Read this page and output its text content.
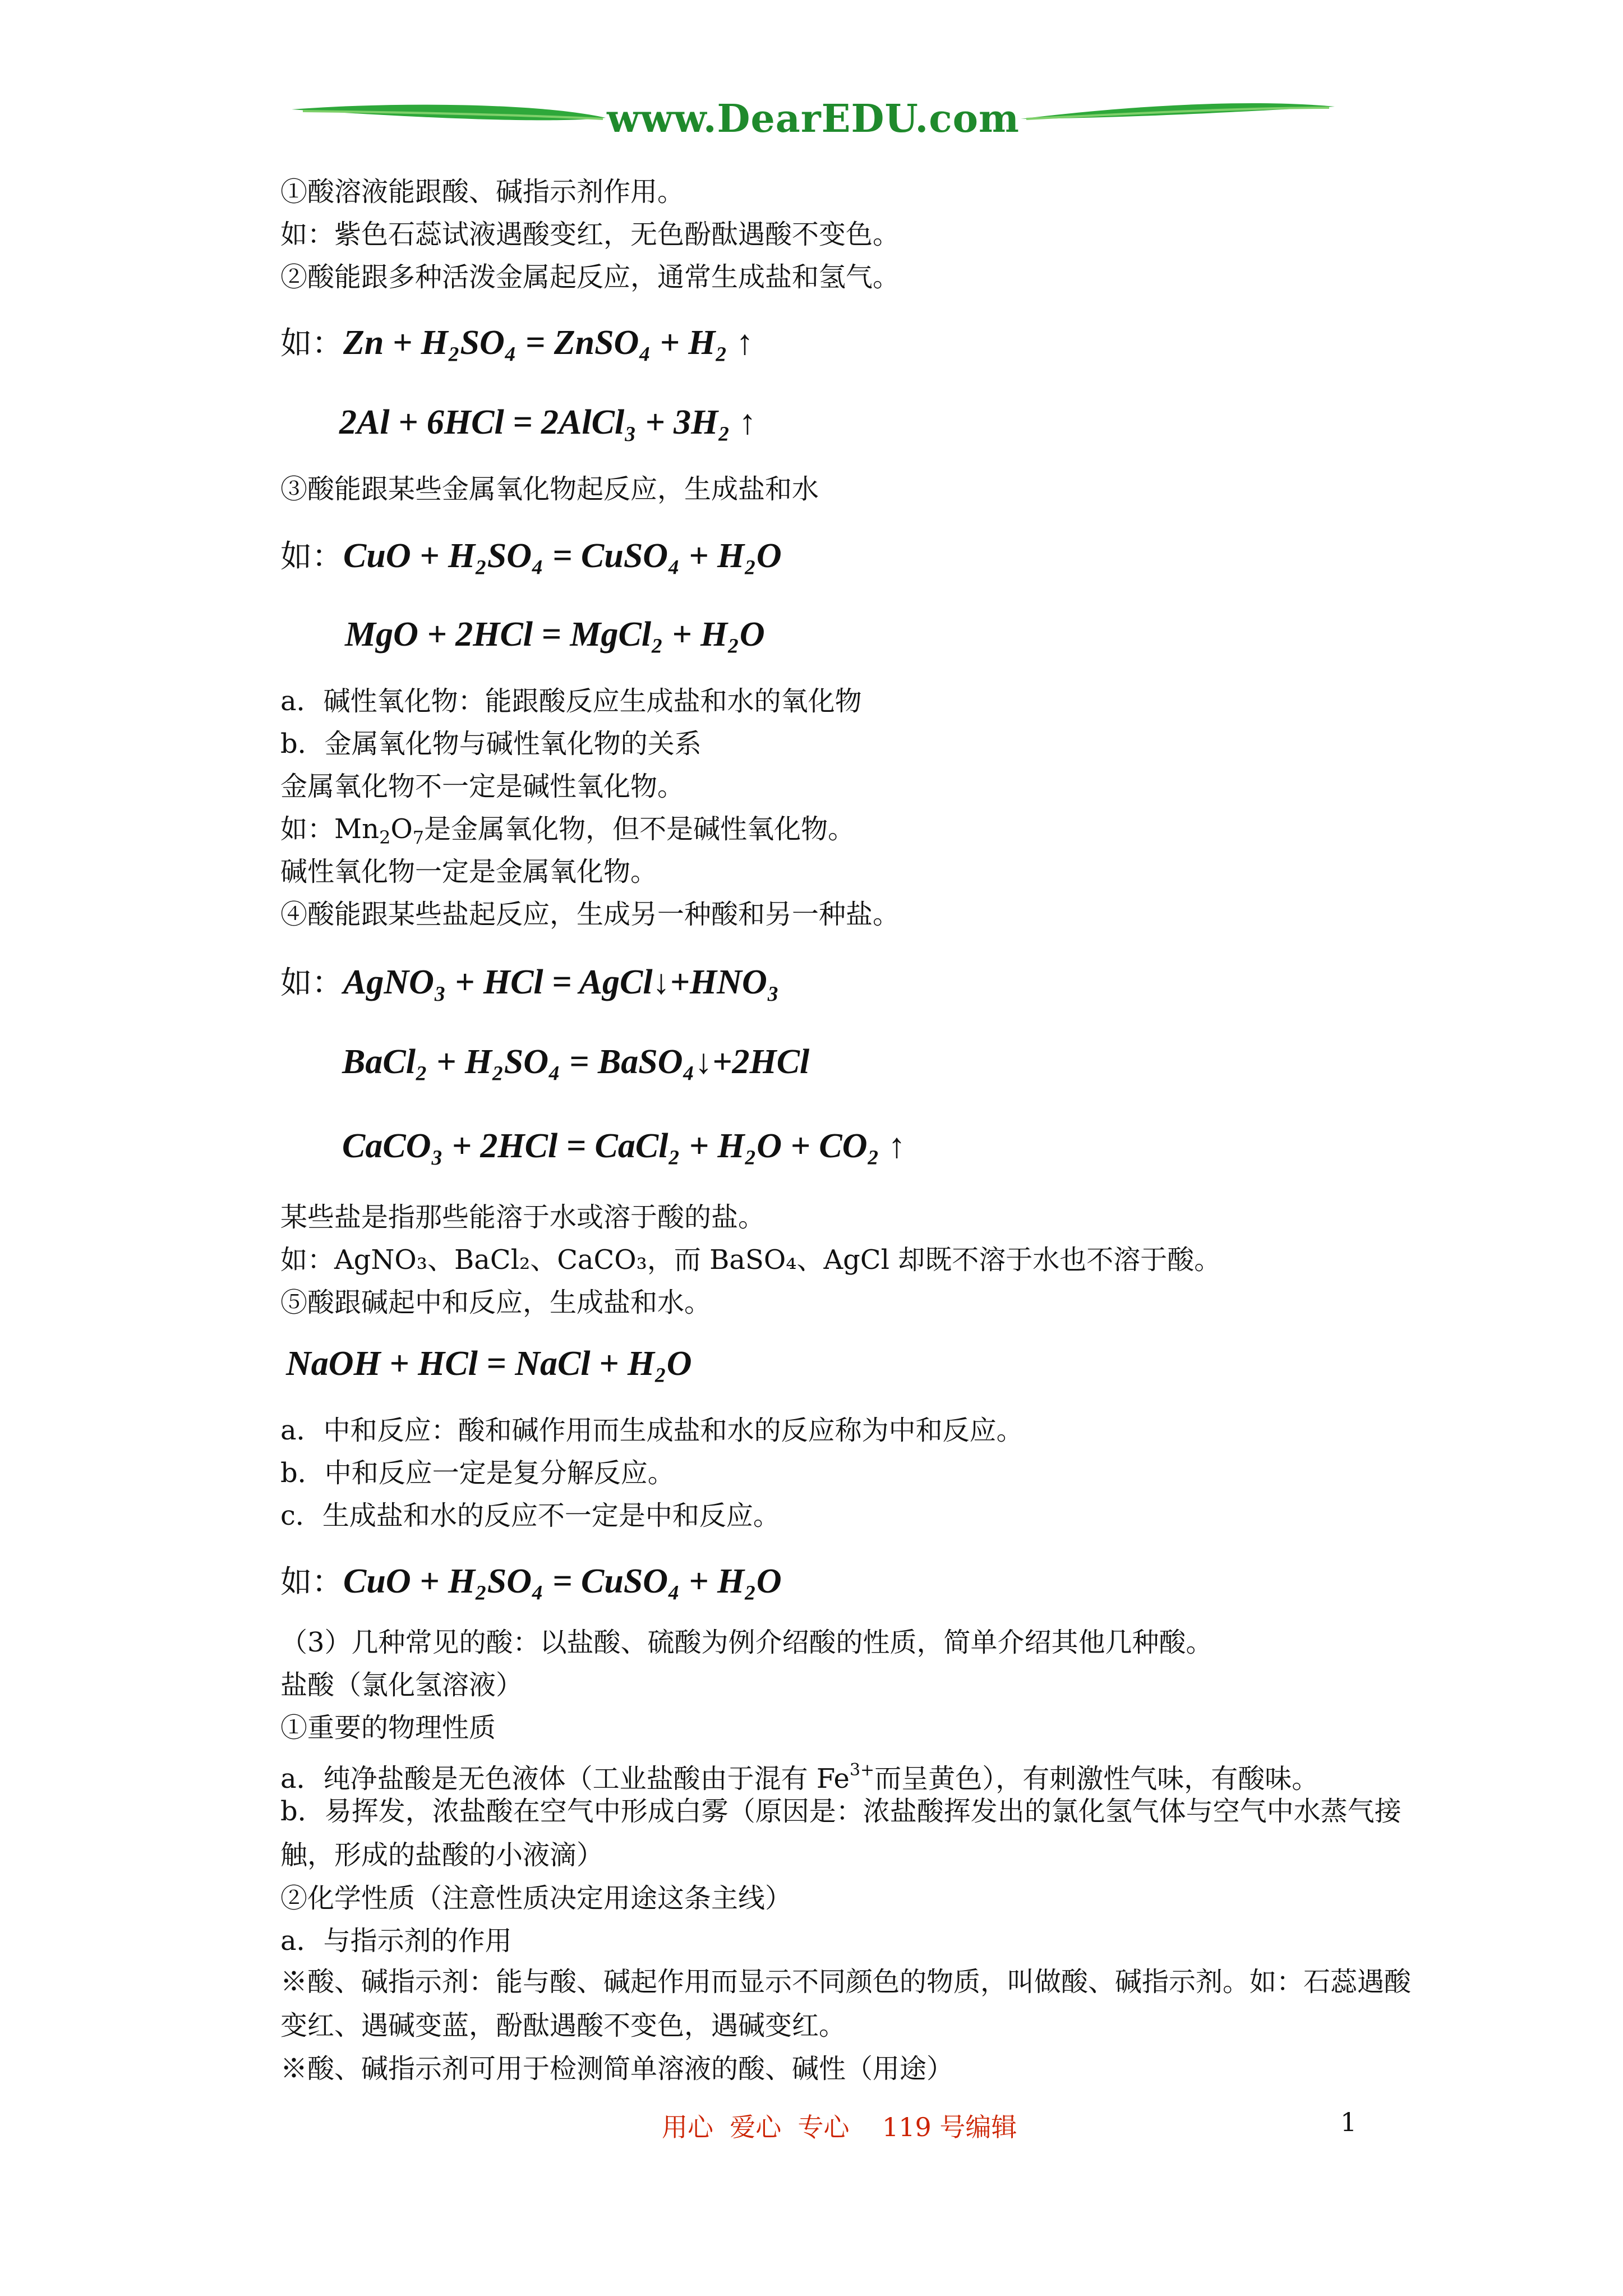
www.DearEDU.com
①酸溶液能跟酸、碱指示剂作用。
如：紫色石蕊试液遇酸变红，无色酚酞遇酸不变色。
②酸能跟多种活泼金属起反应，通常生成盐和氢气。
如：Zn + H₂SO₄ = ZnSO₄ + H₂ ↑
2Al + 6HCl = 2AlCl₃ + 3H₂ ↑
③酸能跟某些金属氧化物起反应，生成盐和水
如：CuO + H₂SO₄ = CuSO₄ + H₂O
MgO + 2HCl = MgCl₂ + H₂O
a．碱性氧化物：能跟酸反应生成盐和水的氧化物
b．金属氧化物与碱性氧化物的关系
金属氧化物不一定是碱性氧化物。
如：$Mn_2O_7$是金属氧化物，但不是碱性氧化物。
碱性氧化物一定是金属氧化物。
④酸能跟某些盐起反应，生成另一种酸和另一种盐。
如：AgNO₃ + HCl = AgCl↓+HNO₃
BaCl₂ + H₂SO₄ = BaSO₄↓+2HCl
CaCO₃ + 2HCl = CaCl₂ + H₂O + CO₂ ↑
某些盐是指那些能溶于水或溶于酸的盐。
如：AgNO₃、BaCl₂、CaCO₃，而 BaSO₄、AgCl 却既不溶于水也不溶于酸。
⑤酸跟碱起中和反应，生成盐和水。
NaOH + HCl = NaCl + H₂O
a．中和反应：酸和碱作用而生成盐和水的反应称为中和反应。
b．中和反应一定是复分解反应。
c．生成盐和水的反应不一定是中和反应。
如：CuO + H₂SO₄ = CuSO₄ + H₂O
（3）几种常见的酸：以盐酸、硫酸为例介绍酸的性质，简单介绍其他几种酸。
盐酸（氯化氢溶液）
①重要的物理性质
a．纯净盐酸是无色液体（工业盐酸由于混有 $Fe^{3+}$而呈黄色），有刺激性气味，有酸味。
b．易挥发，浓盐酸在空气中形成白雾（原因是：浓盐酸挥发出的氯化氢气体与空气中水蒸气接触，形成的盐酸的小液滴）
②化学性质（注意性质决定用途这条主线）
a．与指示剂的作用
※酸、碱指示剂：能与酸、碱起作用而显示不同颜色的物质，叫做酸、碱指示剂。如：石蕊遇酸变红、遇碱变蓝，酚酞遇酸不变色，遇碱变红。
※酸、碱指示剂可用于检测简单溶液的酸、碱性（用途）
用心  爱心  专心    119 号编辑	1
